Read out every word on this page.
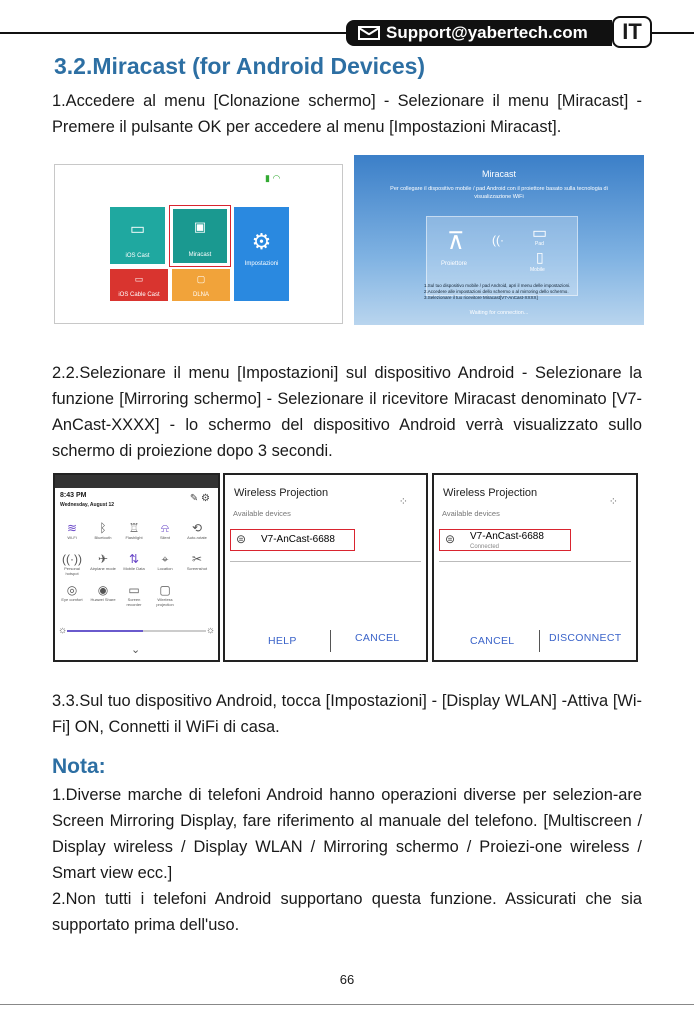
Support@yabertech.com	IT
3.2.Miracast (for Android Devices)

1.Accedere al menu [Clonazione schermo] - Selezionare il menu [Miracast] - Premere il pulsante OK per accedere al menu [Impostazioni Miracast].

▮ ◠
▭
iOS Cast
▣
Miracast
⚙
Impostazioni
▭
iOS Cable Cast
▢
DLNA
Miracast
Per collegare il dispositivo mobile / pad Android con il proiettore basato sulla tecnologia di visualizzazione WiFi
⊼ ((· ▭
▯
Proiettore
Pad
Mobile
1.Sul tuo dispositivo mobile / pad Android, apri il menu delle impostazioni.
2.Accedere alle impostazioni dello schermo o al mirroring dello schermo.
3.Selezionare il tuo ricevitore Miracast[V7-AnCast-XXXX]
Waiting for connection...

2.2.Selezionare il menu [Impostazioni] sul dispositivo Android - Selezionare la funzione [Mirroring schermo] - Selezionare il ricevitore Miracast denominato [V7-AnCast-XXXX] - lo schermo del dispositivo Android verrà visualizzato sullo schermo di proiezione dopo 3 secondi.

8:43 PM
Wednesday, August 12
✎ ⚙
≋
Wi-Fi
ᛒ
Bluetooth
♖
Flashlight
⍾
Silent
⟲
Auto-rotate
((·))
Personal hotspot
✈
Airplane mode
⇅
Mobile Data
⌖
Location
✂
Screenshot
◎
Eye comfort
◉
Huawei Share
▭
Screen recorder
▢
Wireless projection
☼	☼
⌄
Wireless Projection
Available devices
⁘
⊜ V7-AnCast-6688
HELP	CANCEL
Wireless Projection
Available devices
⁘
⊜ V7-AnCast-6688
Connected
CANCEL	DISCONNECT

3.3.Sul tuo dispositivo Android, tocca [Impostazioni] - [Display WLAN] -Attiva [Wi-Fi] ON, Connetti il WiFi di casa.

Nota:

1.Diverse marche di telefoni Android hanno operazioni diverse per selezion-are Screen Mirroring Display, fare riferimento al manuale del telefono. [Multiscreen / Display wireless / Display WLAN / Mirroring schermo / Proiezi-one wireless / Smart view ecc.]

2.Non tutti i telefoni Android supportano questa funzione. Assicurati che sia supportato prima dell'uso.

66
